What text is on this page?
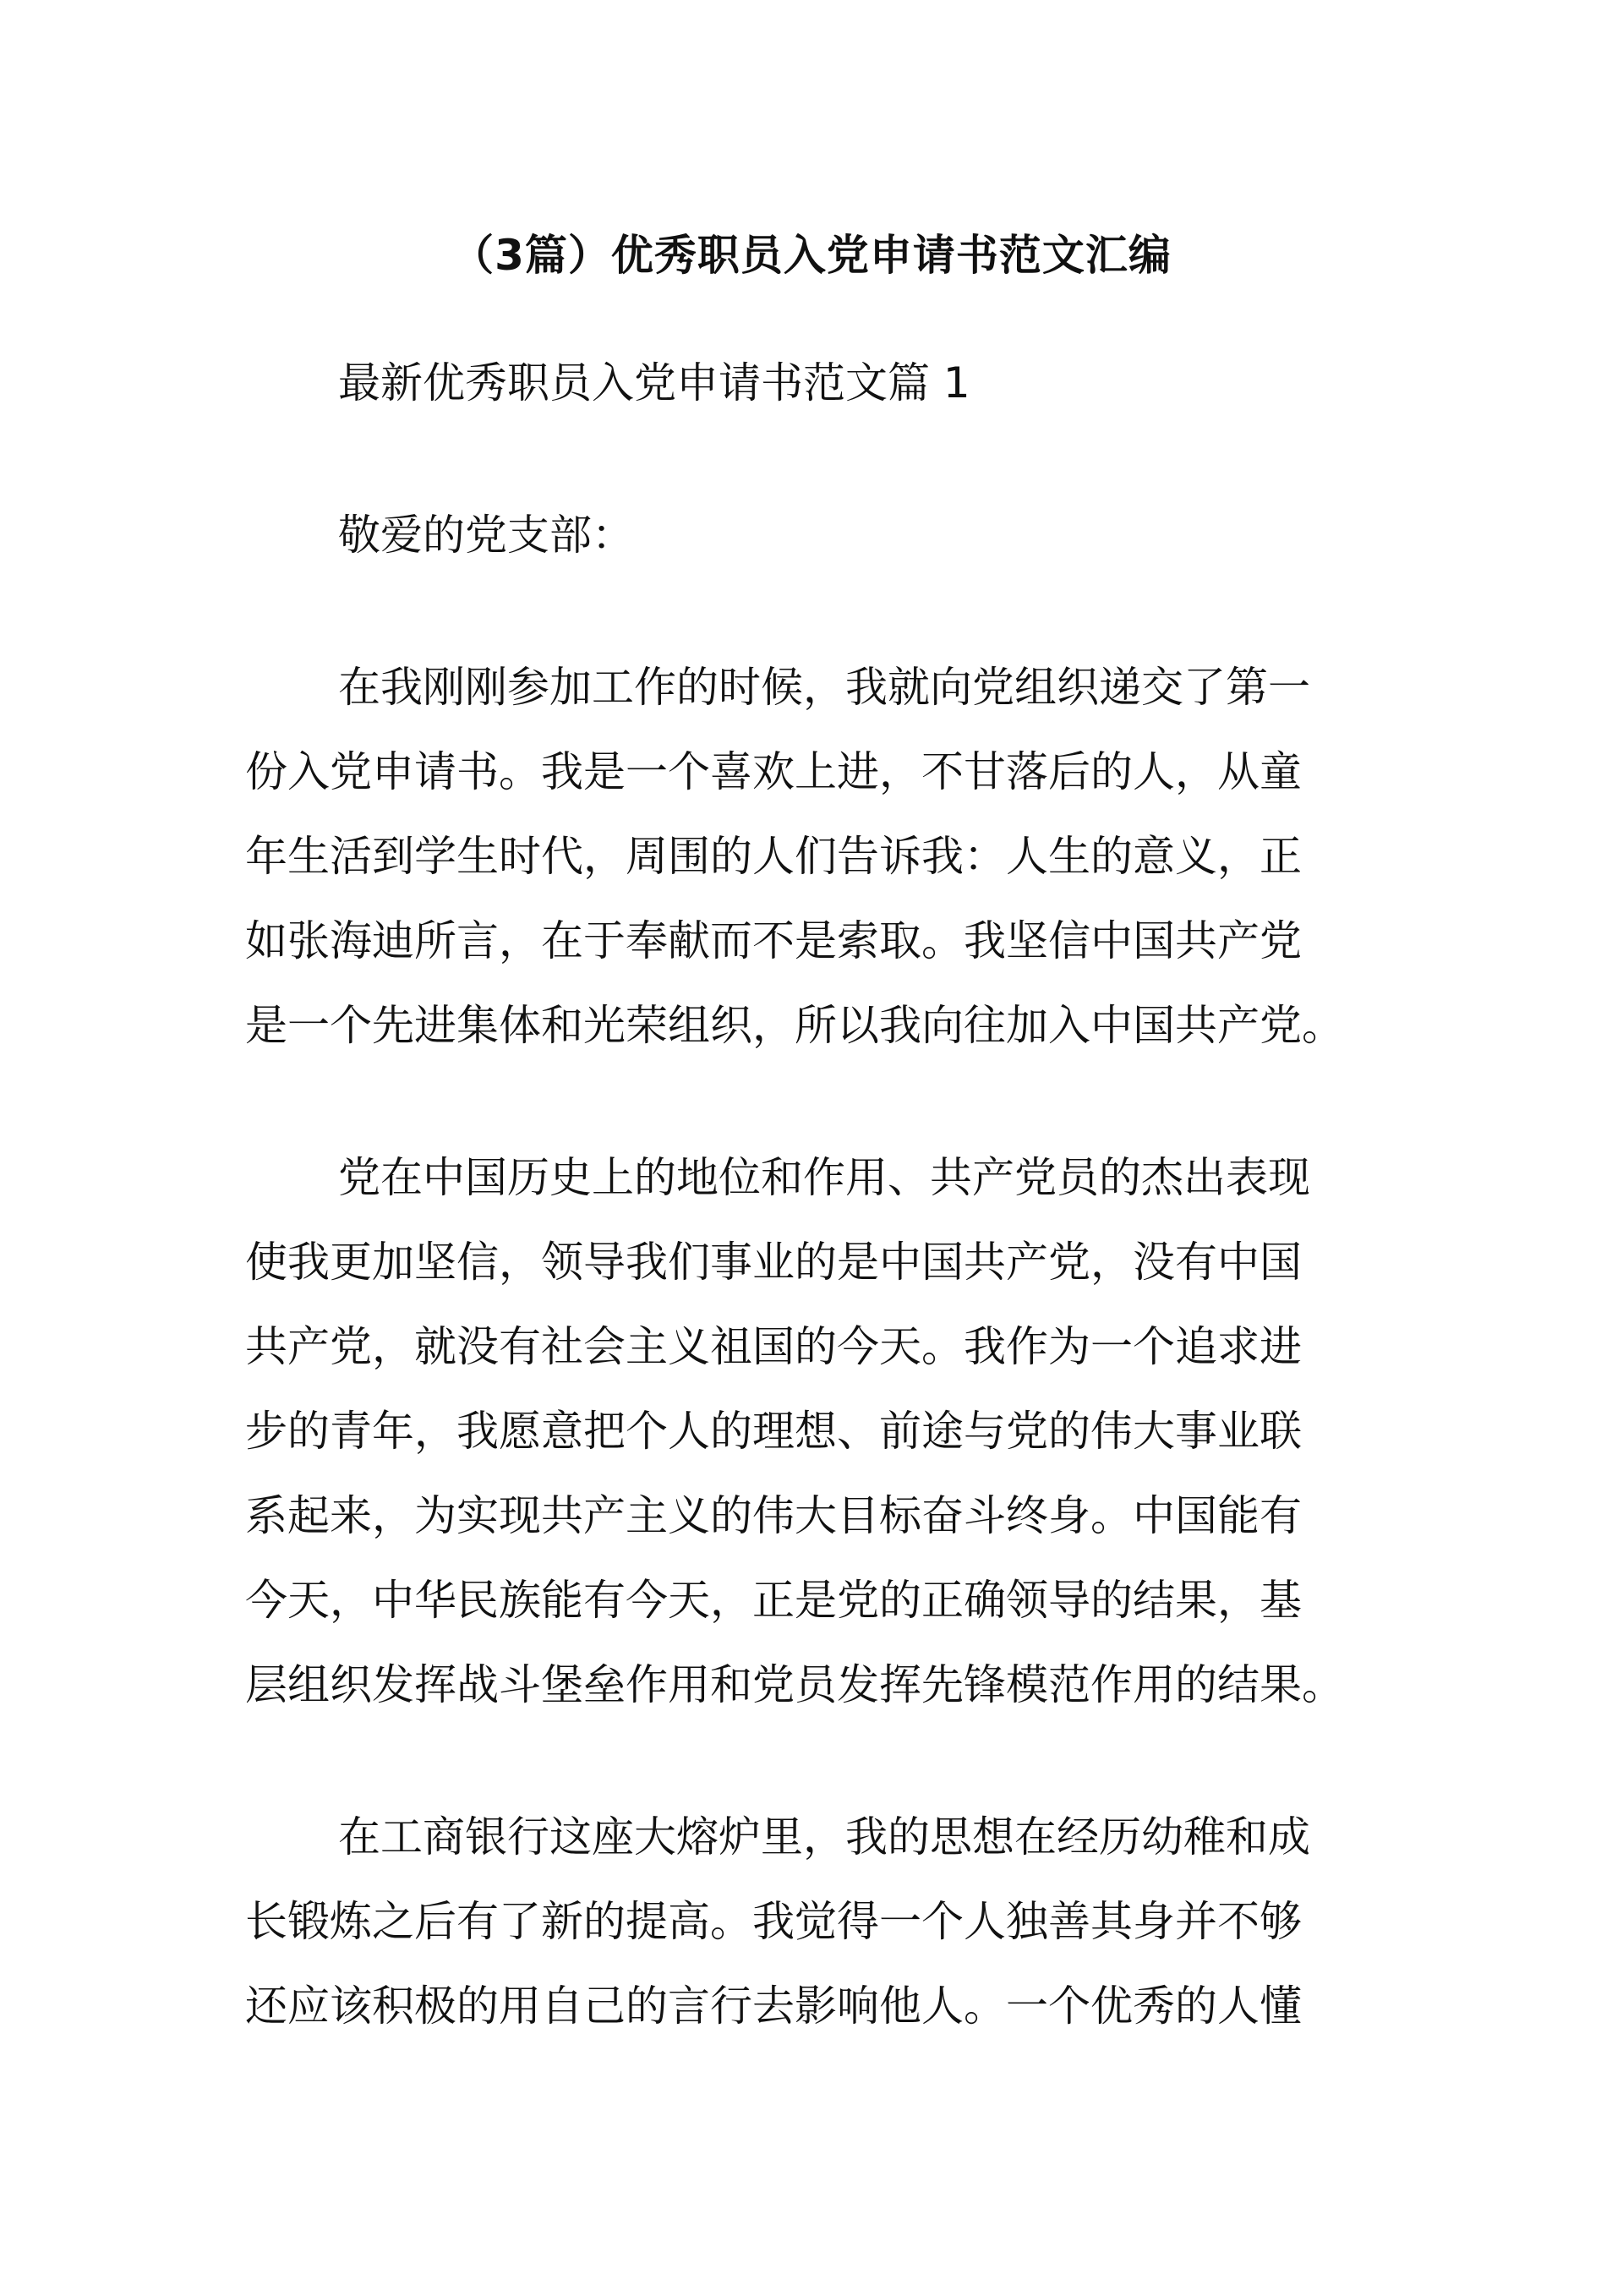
（3篇）优秀职员入党申请书范文汇编
最新优秀职员入党申请书范文篇 1
敬爱的党支部：
在我刚刚参加工作的时候，我就向党组织递交了第一
份入党申请书。我是一个喜欢上进，不甘落后的人，从童
年生活到学生时代，周围的人们告诉我：人生的意义，正
如张海迪所言，在于奉献而不是索取。我坚信中国共产党
是一个先进集体和光荣组织，所以我向往加入中国共产党。
党在中国历史上的地位和作用、共产党员的杰出表现
使我更加坚信，领导我们事业的是中国共产党，没有中国
共产党，就没有社会主义祖国的今天。我作为一个追求进
步的青年，我愿意把个人的理想、前途与党的伟大事业联
系起来，为实现共产主义的伟大目标奋斗终身。中国能有
今天，中华民族能有今天，正是党的正确领导的结果，基
层组织发挥战斗堡垒作用和党员发挥先锋模范作用的结果。
在工商银行这座大熔炉里，我的思想在经历幼稚和成
长锻炼之后有了新的提高。我觉得一个人独善其身并不够
还应该积极的用自己的言行去影响他人。一个优秀的人懂
